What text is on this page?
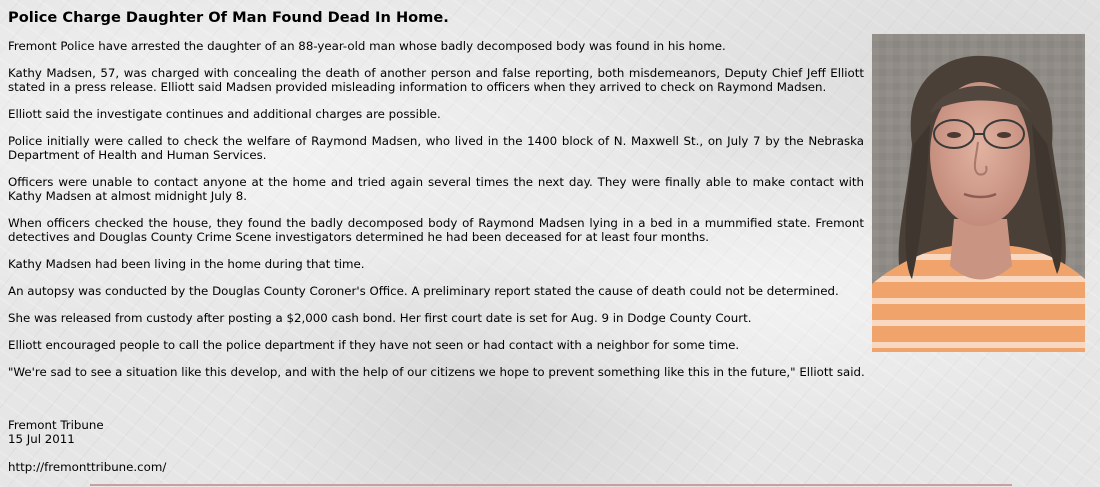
Police Charge Daughter Of Man Found Dead In Home.

Fremont Police have arrested the daughter of an 88-year-old man whose badly decomposed body was found in his home.

Kathy Madsen, 57, was charged with concealing the death of another person and false reporting, both misdemeanors, Deputy Chief Jeff Elliott stated in a press release. Elliott said Madsen provided misleading information to officers when they arrived to check on Raymond Madsen.

Elliott said the investigate continues and additional charges are possible.

Police initially were called to check the welfare of Raymond Madsen, who lived in the 1400 block of N. Maxwell St., on July 7 by the Nebraska Department of Health and Human Services.

Officers were unable to contact anyone at the home and tried again several times the next day. They were finally able to make contact with Kathy Madsen at almost midnight July 8.

When officers checked the house, they found the badly decomposed body of Raymond Madsen lying in a bed in a mummified state. Fremont detectives and Douglas County Crime Scene investigators determined he had been deceased for at least four months.

Kathy Madsen had been living in the home during that time.

An autopsy was conducted by the Douglas County Coroner's Office. A preliminary report stated the cause of death could not be determined.

She was released from custody after posting a $2,000 cash bond. Her first court date is set for Aug. 9 in Dodge County Court.

Elliott encouraged people to call the police department if they have not seen or had contact with a neighbor for some time.

"We're sad to see a situation like this develop, and with the help of our citizens we hope to prevent something like this in the future," Elliott said.

Fremont Tribune
15 Jul 2011
http://fremonttribune.com/
